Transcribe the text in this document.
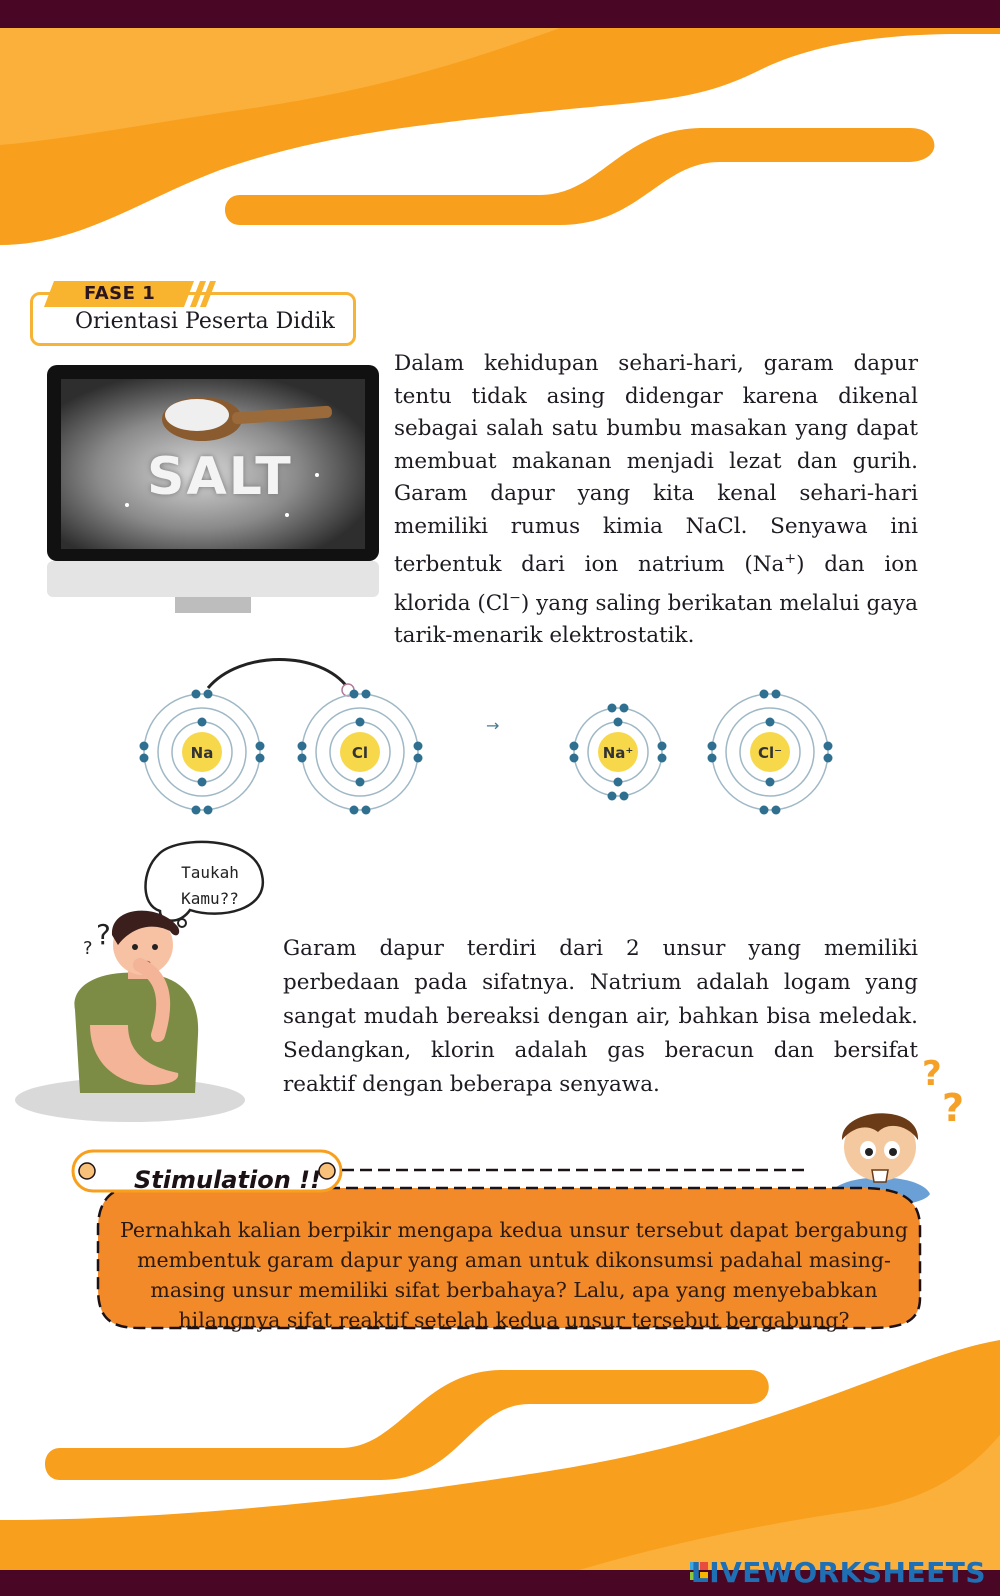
FASE 1
Orientasi Peserta Didik
SALT
Dalam kehidupan sehari-hari, garam dapur tentu tidak asing didengar karena dikenal sebagai salah satu bumbu masakan yang dapat membuat makanan menjadi lezat dan gurih. Garam dapur yang kita kenal sehari-hari memiliki rumus kimia NaCl. Senyawa ini terbentuk dari ion natrium (Na+) dan ion klorida (Cl−) yang saling berikatan melalui gaya tarik-menarik elektrostatik.
Na	Cl	Na⁺	Cl⁻
→
Taukah
Kamu??
? ?	Garam dapur terdiri dari 2 unsur yang memiliki perbedaan pada sifatnya. Natrium adalah logam yang sangat mudah bereaksi dengan air, bahkan bisa meledak. Sedangkan, klorin adalah gas beracun dan bersifat reaktif dengan beberapa senyawa.	?
?
Stimulation !!
Pernahkah kalian berpikir mengapa kedua unsur tersebut dapat bergabung membentuk garam dapur yang aman untuk dikonsumsi padahal masing-masing unsur memiliki sifat berbahaya? Lalu, apa yang menyebabkan hilangnya sifat reaktif setelah kedua unsur tersebut bergabung?
LIVEWORKSHEETS
